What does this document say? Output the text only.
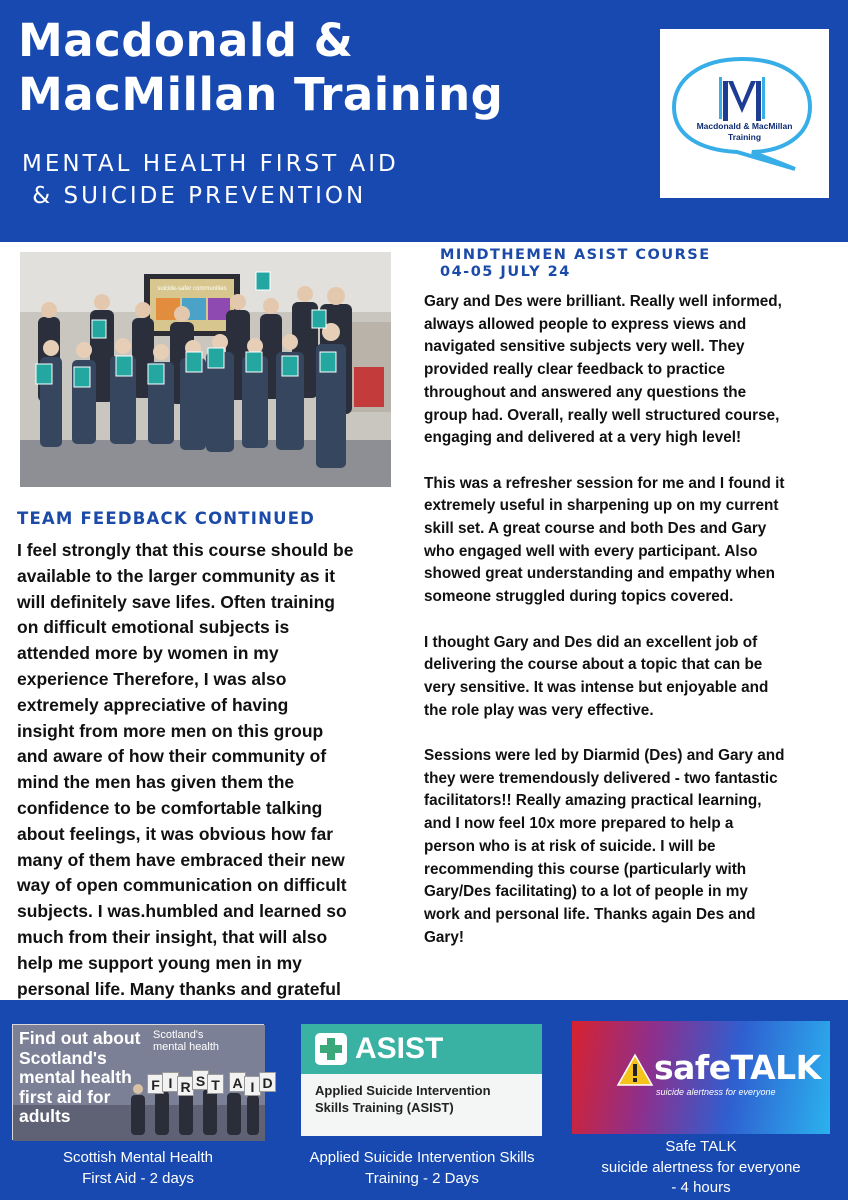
Macdonald &
MacMillan Training
MENTAL HEALTH FIRST AID
& SUICIDE PREVENTION
Macdonald & MacMillan
Training
suicide-safer communities
TEAM FEEDBACK CONTINUED
I feel strongly that this course should be
available to the larger community as it
will definitely save lifes. Often training
on difficult emotional subjects is
attended more by women in my
experience Therefore, I was also
extremely appreciative of having
insight from more men on this group
and aware of how their community of
mind the men has given them the
confidence to be comfortable talking
about feelings, it was obvious how far
many of them have embraced their new
way of open communication on difficult
subjects. I was.humbled and learned so
much from their insight, that will also
help me support young men in my
personal life. Many thanks and grateful
MINDTHEMEN ASIST COURSE
04-05 JULY 24
Gary and Des were brilliant. Really well informed,
always allowed people to express views and
navigated sensitive subjects very well. They
provided really clear feedback to practice
throughout and answered any questions the
group had. Overall, really well structured course,
engaging and delivered at a very high level!
This was a refresher session for me and I found it
extremely useful in sharpening up on my current
skill set. A great course and both Des and Gary
who engaged well with every participant. Also
showed great understanding and empathy when
someone struggled during topics covered.
I thought Gary and Des did an excellent job of
delivering the course about a topic that can be
very sensitive. It was intense but enjoyable and
the role play was very effective.
Sessions were led by Diarmid (Des) and Gary and
they were tremendously delivered - two fantastic
facilitators!! Really amazing practical learning,
and I now feel 10x more prepared to help a
person who is at risk of suicide. I will be
recommending this course (particularly with
Gary/Des facilitating) to a lot of people in my
work and personal life. Thanks again Des and
Gary!
Find out about
Scotland's
mental health
first aid for
adults
Scotland's
mental health
F I R S T A I D
Scottish Mental Health
First Aid - 2 days
ASIST
Applied Suicide Intervention
Skills Training (ASIST)
Applied Suicide Intervention Skills
Training - 2 Days
safeTALK
suicide alertness for everyone
Safe TALK
suicide alertness for everyone
- 4 hours
